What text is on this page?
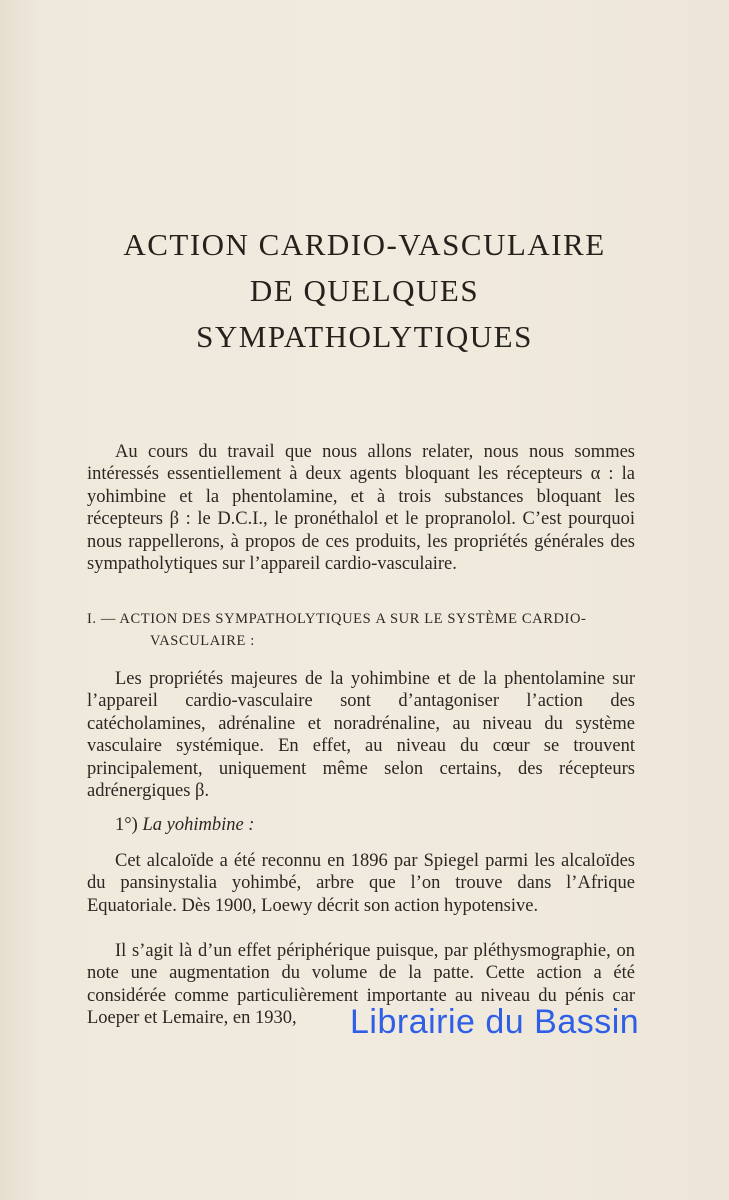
ACTION CARDIO-VASCULAIRE
DE QUELQUES
SYMPATHOLYTIQUES

Au cours du travail que nous allons relater, nous nous sommes intéressés essentiellement à deux agents bloquant les récepteurs α : la yohimbine et la phentolamine, et à trois substances bloquant les récepteurs β : le D.C.I., le pronéthalol et le propranolol. C’est pourquoi nous rappellerons, à propos de ces produits, les propriétés générales des sympatholytiques sur l’appareil cardio-vasculaire.

I. — ACTION DES SYMPATHOLYTIQUES Α SUR LE SYSTÈME CARDIO-
VASCULAIRE :

Les propriétés majeures de la yohimbine et de la phentolamine sur l’appareil cardio-vasculaire sont d’antagoniser l’action des catécholamines, adrénaline et noradrénaline, au niveau du système vasculaire systémique. En effet, au niveau du cœur se trouvent principalement, uniquement même selon certains, des récepteurs adrénergiques β.

1°) La yohimbine :

Cet alcaloïde a été reconnu en 1896 par Spiegel parmi les alcaloïdes du pansinystalia yohimbé, arbre que l’on trouve dans l’Afrique Equatoriale. Dès 1900, Loewy décrit son action hypotensive.

Il s’agit là d’un effet périphérique puisque, par pléthysmographie, on note une augmentation du volume de la patte. Cette action a été considérée comme particulièrement importante au niveau du pénis car Loeper et Lemaire, en 1930,	Librairie du Bassin
